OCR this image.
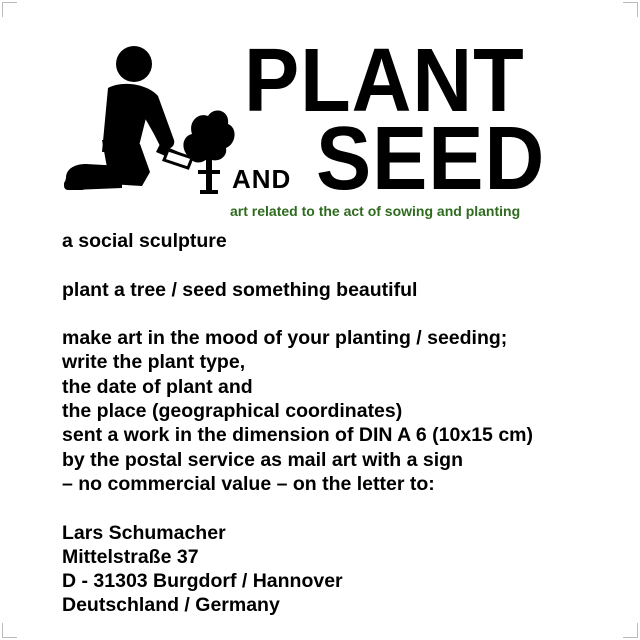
PLANT
AND SEED
art related to the act of sowing and planting

a social sculpture

plant a tree / seed something beautiful

make art in the mood of your planting / seeding;

write the plant type,

the date of plant and

the place (geographical coordinates)

sent a work in the dimension of DIN A 6 (10x15 cm)

by the postal service as mail art with a sign

– no commercial value – on the letter to:

Lars Schumacher

Mittelstraße 37

D - 31303 Burgdorf / Hannover

Deutschland / Germany
